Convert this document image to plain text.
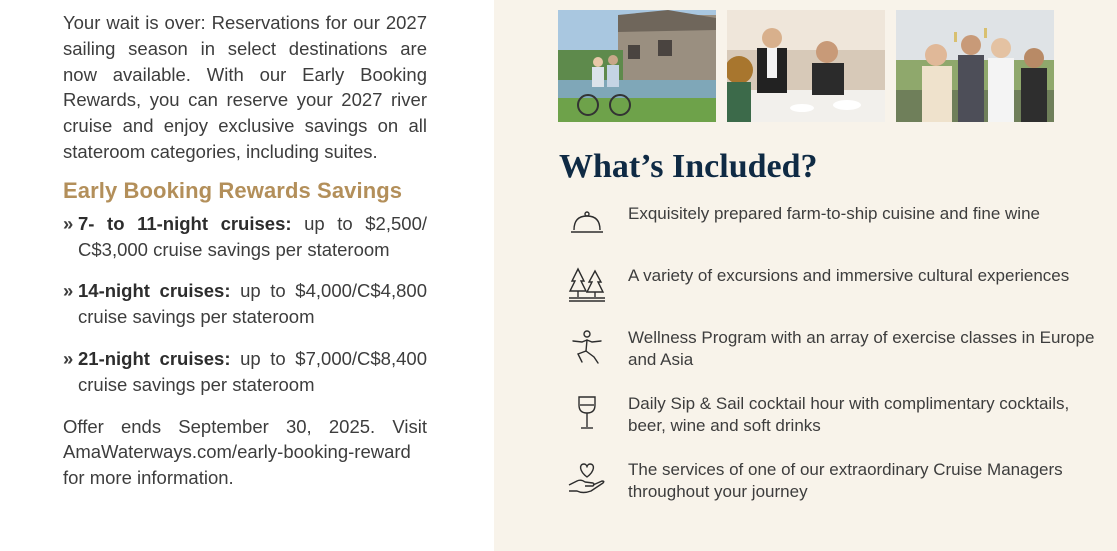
Your wait is over: Reservations for our 2027 sailing season in select destinations are now available. With our Early Booking Rewards, you can reserve your 2027 river cruise and enjoy exclusive savings on all stateroom categories, including suites.

Early Booking Rewards Savings
» 7- to 11-night cruises: up to $2,500/ C$3,000 cruise savings per stateroom
» 14-night cruises: up to $4,000/C$4,800 cruise savings per stateroom
» 21-night cruises: up to $7,000/C$8,400 cruise savings per stateroom

Offer ends September 30, 2025. Visit AmaWaterways.com/early-booking-reward for more information.

What’s Included?
Exquisitely prepared farm-to-ship cuisine and fine wine
A variety of excursions and immersive cultural experiences
Wellness Program with an array of exercise classes in Europe and Asia
Daily Sip & Sail cocktail hour with complimentary cocktails, beer, wine and soft drinks
The services of one of our extraordinary Cruise Managers throughout your journey
